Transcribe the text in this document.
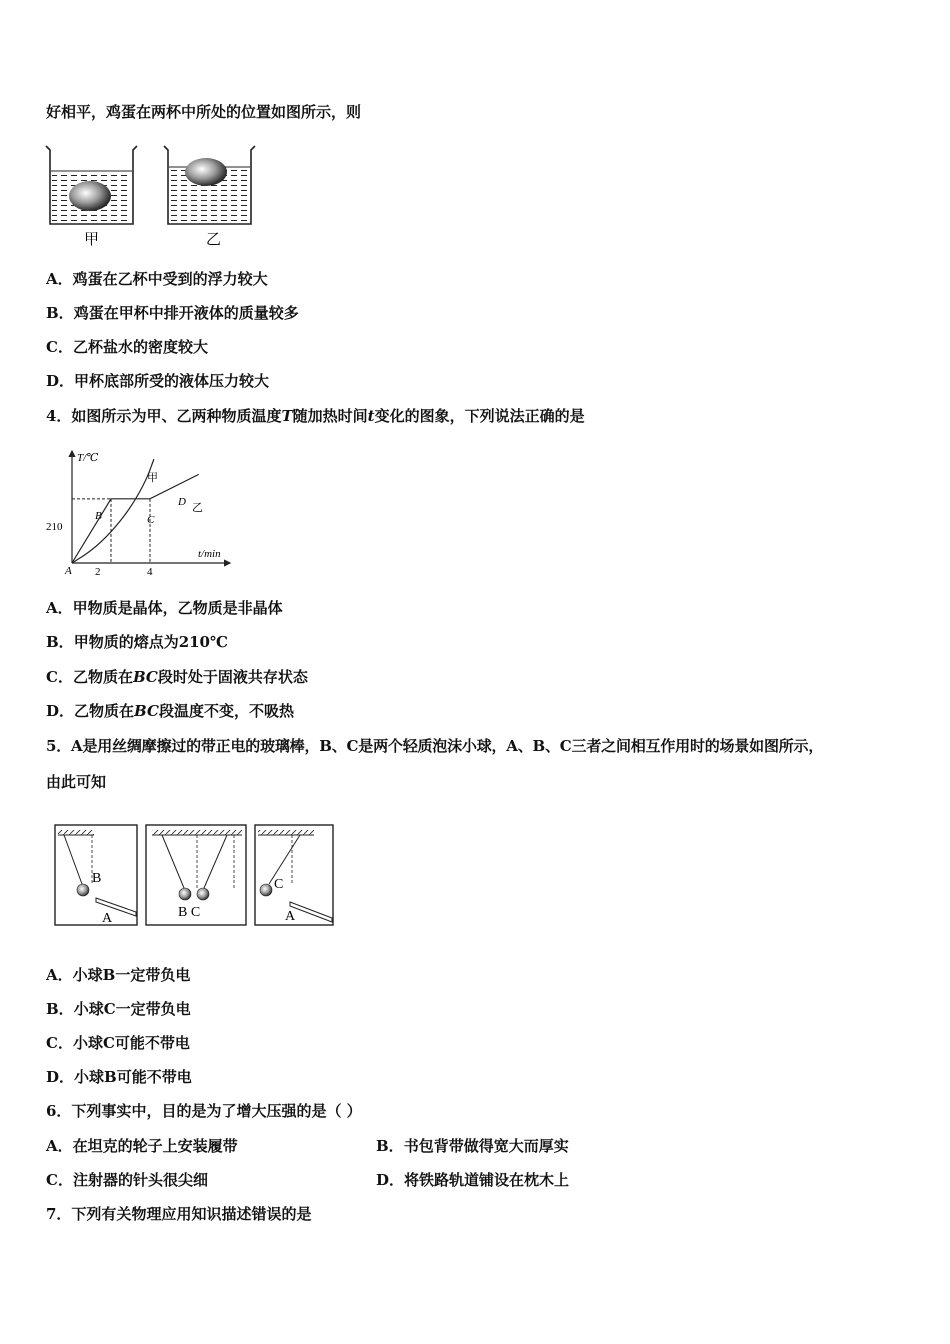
好相平，鸡蛋在两杯中所处的位置如图所示，则
甲	乙
A．鸡蛋在乙杯中受到的浮力较大
B．鸡蛋在甲杯中排开液体的质量较多
C．乙杯盐水的密度较大
D．甲杯底部所受的液体压力较大
4．如图所示为甲、乙两种物质温度T随加热时间t变化的图象，下列说法正确的是
T/℃
t/min
210
2	4
A
B	C
D
甲
乙
A．甲物质是晶体，乙物质是非晶体
B．甲物质的熔点为210℃
C．乙物质在BC段时处于固液共存状态
D．乙物质在BC段温度不变，不吸热
5．A是用丝绸摩擦过的带正电的玻璃棒，B、C是两个轻质泡沫小球，A、B、C三者之间相互作用时的场景如图所示，
由此可知
B
A	B C
C
A
A．小球B一定带负电
B．小球C一定带负电
C．小球C可能不带电
D．小球B可能不带电
6．下列事实中，目的是为了增大压强的是（ ）
A．在坦克的轮子上安装履带	B．书包背带做得宽大而厚实
C．注射器的针头很尖细	D．将铁路轨道铺设在枕木上
7．下列有关物理应用知识描述错误的是
